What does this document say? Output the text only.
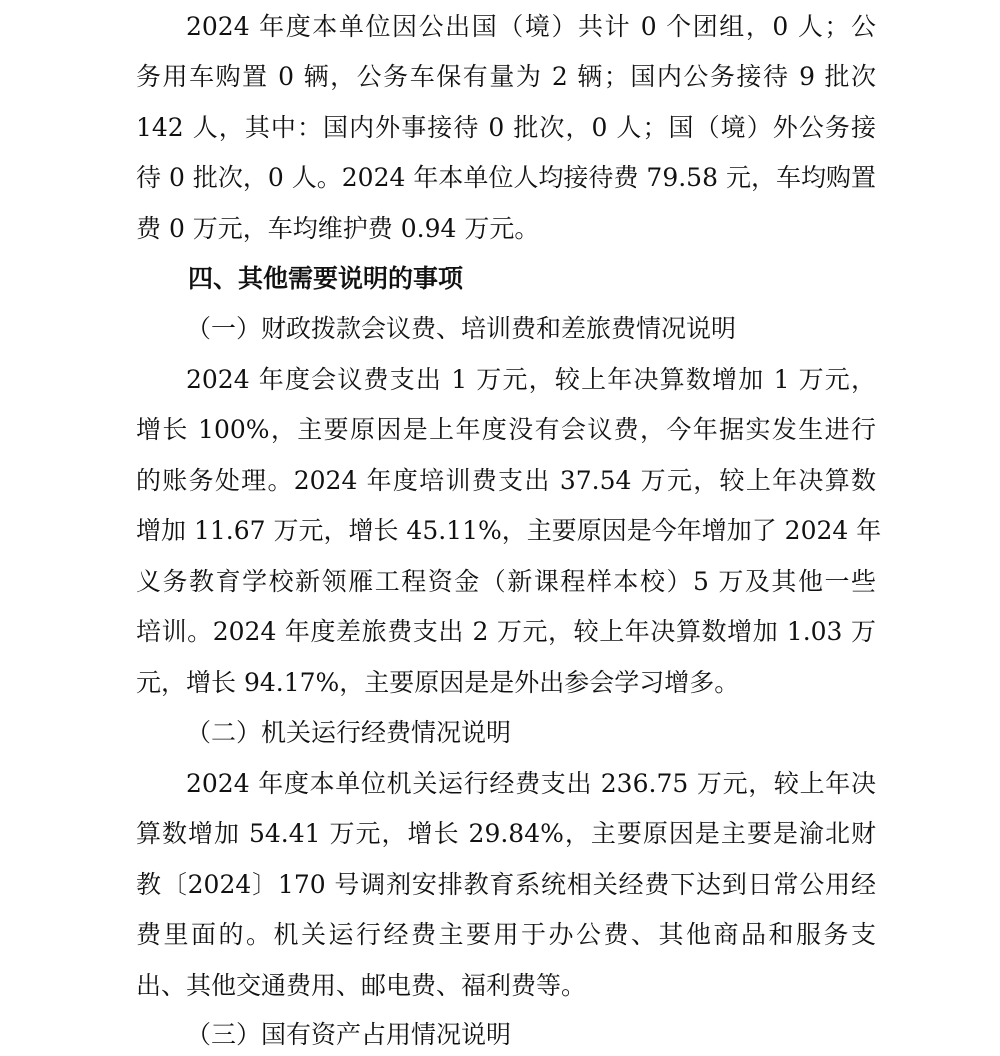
2024 年度本单位因公出国（境）共计 0 个团组，0 人；公
务用车购置 0 辆，公务车保有量为 2 辆；国内公务接待 9 批次
142 人，其中：国内外事接待 0 批次，0 人；国（境）外公务接
待 0 批次，0 人。2024 年本单位人均接待费 79.58 元，车均购置
费 0 万元，车均维护费 0.94 万元。
四、其他需要说明的事项
（一）财政拨款会议费、培训费和差旅费情况说明
2024 年度会议费支出 1 万元，较上年决算数增加 1 万元，
增长 100%，主要原因是上年度没有会议费，今年据实发生进行
的账务处理。2024 年度培训费支出 37.54 万元，较上年决算数
增加 11.67 万元，增长 45.11%，主要原因是今年增加了 2024 年
义务教育学校新领雁工程资金（新课程样本校）5 万及其他一些
培训。2024 年度差旅费支出 2 万元，较上年决算数增加 1.03 万
元，增长 94.17%，主要原因是是外出参会学习增多。
（二）机关运行经费情况说明
2024 年度本单位机关运行经费支出 236.75 万元，较上年决
算数增加 54.41 万元，增长 29.84%，主要原因是主要是渝北财
教〔2024〕170 号调剂安排教育系统相关经费下达到日常公用经
费里面的。机关运行经费主要用于办公费、其他商品和服务支
出、其他交通费用、邮电费、福利费等。
（三）国有资产占用情况说明
